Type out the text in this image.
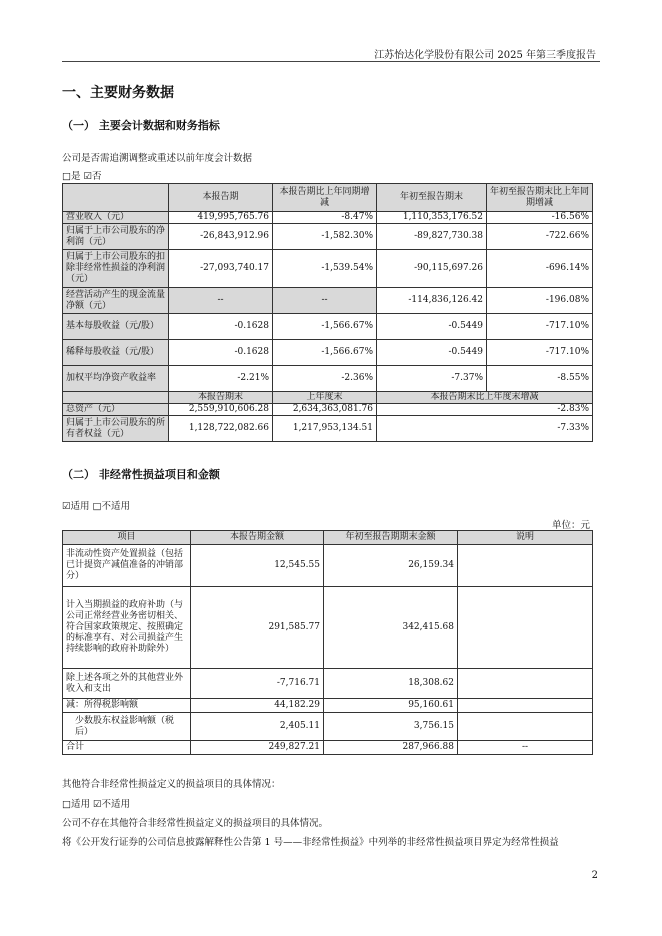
江苏怡达化学股份有限公司 2025 年第三季度报告
一、主要财务数据
（一） 主要会计数据和财务指标
公司是否需追溯调整或重述以前年度会计数据
□是 ☑否
	本报告期	本报告期比上年同期增减	年初至报告期末	年初至报告期末比上年同期增减
营业收入（元）	419,995,765.76	-8.47%	1,110,353,176.52	-16.56%
归属于上市公司股东的净利润（元）	-26,843,912.96	-1,582.30%	-89,827,730.38	-722.66%
归属于上市公司股东的扣除非经常性损益的净利润（元）	-27,093,740.17	-1,539.54%	-90,115,697.26	-696.14%
经营活动产生的现金流量净额（元）	--	--	-114,836,126.42	-196.08%
基本每股收益（元/股）	-0.1628	-1,566.67%	-0.5449	-717.10%
稀释每股收益（元/股）	-0.1628	-1,566.67%	-0.5449	-717.10%
加权平均净资产收益率	-2.21%	-2.36%	-7.37%	-8.55%
	本报告期末	上年度末	本报告期末比上年度末增减	
总资产（元）	2,559,910,606.28	2,634,363,081.76	-2.83%	
归属于上市公司股东的所有者权益（元）	1,128,722,082.66	1,217,953,134.51	-7.33%	
（二） 非经常性损益项目和金额
☑适用 □不适用
单位：元
项目	本报告期金额	年初至报告期期末金额	说明
非流动性资产处置损益（包括已计提资产减值准备的冲销部分）	12,545.55	26,159.34	
计入当期损益的政府补助（与公司正常经营业务密切相关、符合国家政策规定、按照确定的标准享有、对公司损益产生持续影响的政府补助除外）	291,585.77	342,415.68	
除上述各项之外的其他营业外收入和支出	-7,716.71	18,308.62	
减：所得税影响额	44,182.29	95,160.61	
少数股东权益影响额（税后）	2,405.11	3,756.15	
合计	249,827.21	287,966.88	--
其他符合非经常性损益定义的损益项目的具体情况：
□适用 ☑不适用
公司不存在其他符合非经常性损益定义的损益项目的具体情况。
将《公开发行证券的公司信息披露解释性公告第 1 号——非经常性损益》中列举的非经常性损益项目界定为经常性损益
2
